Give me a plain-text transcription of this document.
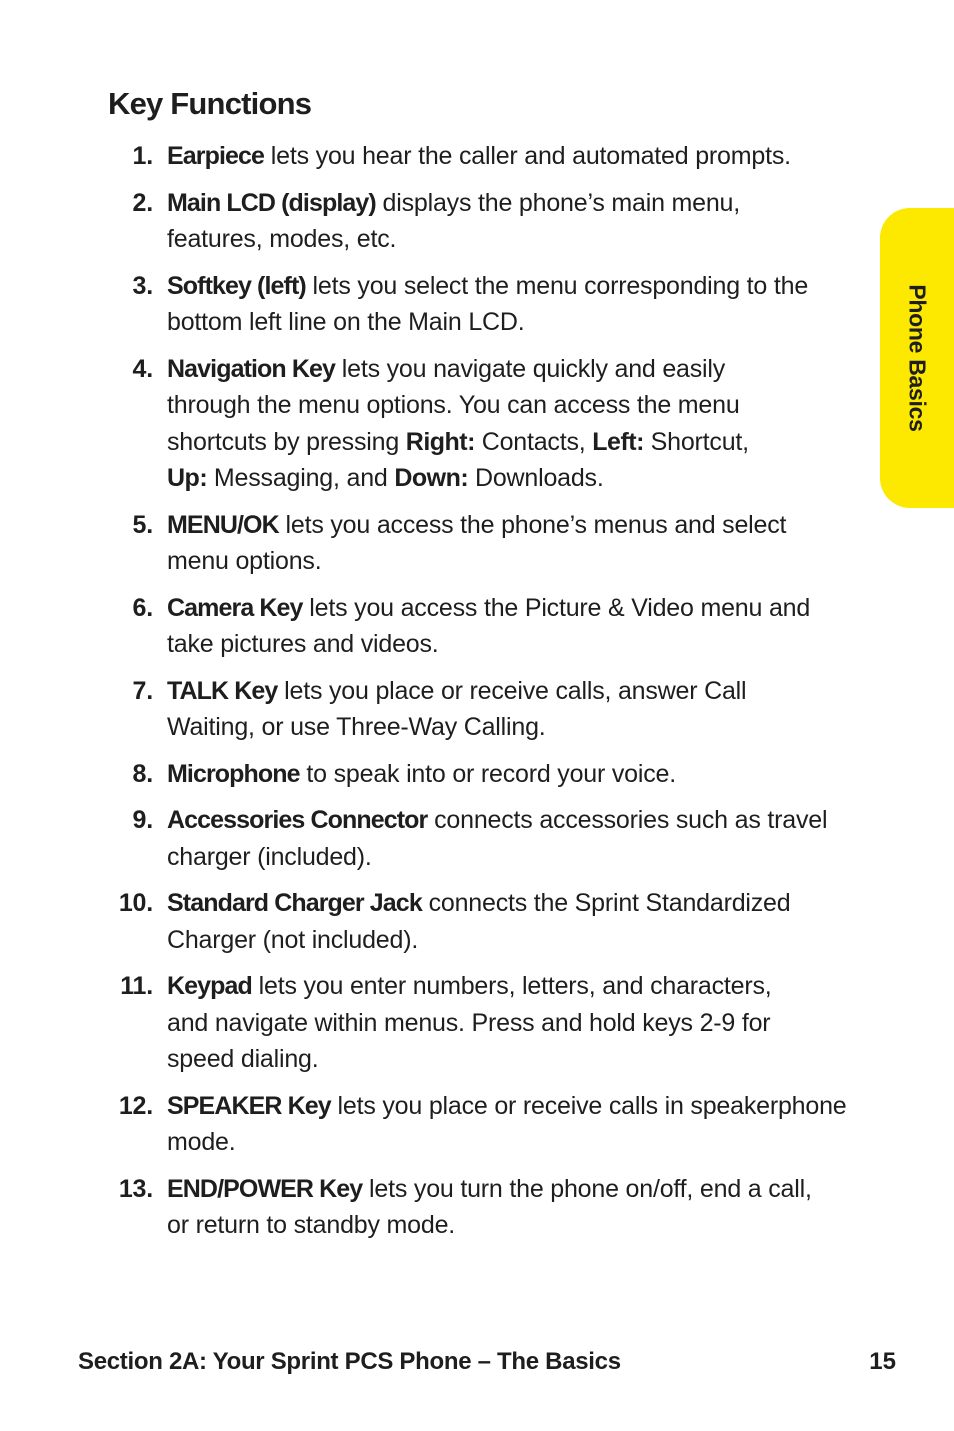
Key Functions
1. Earpiece lets you hear the caller and automated prompts.
2. Main LCD (display) displays the phone’s main menu,
features, modes, etc.
3. Softkey (left) lets you select the menu corresponding to the
bottom left line on the Main LCD.
4. Navigation Key lets you navigate quickly and easily
through the menu options. You can access the menu
shortcuts by pressing Right: Contacts, Left: Shortcut,
Up: Messaging, and Down: Downloads.
5. MENU/OK lets you access the phone’s menus and select
menu options.
6. Camera Key lets you access the Picture & Video menu and
take pictures and videos.
7. TALK Key lets you place or receive calls, answer Call
Waiting, or use Three-Way Calling.
8. Microphone to speak into or record your voice.
9. Accessories Connector connects accessories such as travel
charger (included).
10. Standard Charger Jack connects the Sprint Standardized
Charger (not included).
11. Keypad lets you enter numbers, letters, and characters,
and navigate within menus. Press and hold keys 2-9 for
speed dialing.
12. SPEAKER Key lets you place or receive calls in speakerphone
mode.
13. END/POWER Key lets you turn the phone on/off, end a call,
or return to standby mode.
Phone Basics
Section 2A: Your Sprint PCS Phone – The Basics	15
